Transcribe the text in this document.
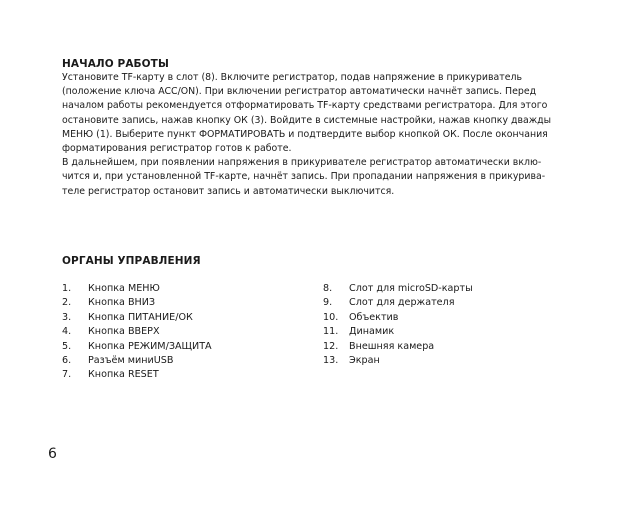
НАЧАЛО РАБОТЫ

Установите TF-карту в слот (8). Включите регистратор, подав напряжение в прикуриватель (положение ключа ACC/ON). При включении регистратор автоматически начнёт запись. Перед началом работы рекомендуется отформатировать TF-карту средствами регистратора. Для этого остановите запись, нажав кнопку ОК (3). Войдите в системные настройки, нажав кнопку дважды МЕНЮ (1). Выберите пункт ФОРМАТИРОВАТЬ и подтвердите выбор кнопкой ОК. После окончания форматирования регистратор готов к работе.

В дальнейшем, при появлении напряжения в прикуривателе регистратор автоматически вклю-чится и, при установленной TF-карте, начнёт запись. При пропадании напряжения в прикурива-теле регистратор остановит запись и автоматически выключится.

ОРГАНЫ УПРАВЛЕНИЯ
1.	Кнопка МЕНЮ
2.	Кнопка ВНИЗ
3.	Кнопка ПИТАНИЕ/ОК
4.	Кнопка ВВЕРХ
5.	Кнопка РЕЖИМ/ЗАЩИТА
6.	Разъём миниUSB
7.	Кнопка RESET
8.	Слот для microSD-карты
9.	Слот для держателя
10.	Объектив
11.	Динамик
12.	Внешняя камера
13.	Экран
6
